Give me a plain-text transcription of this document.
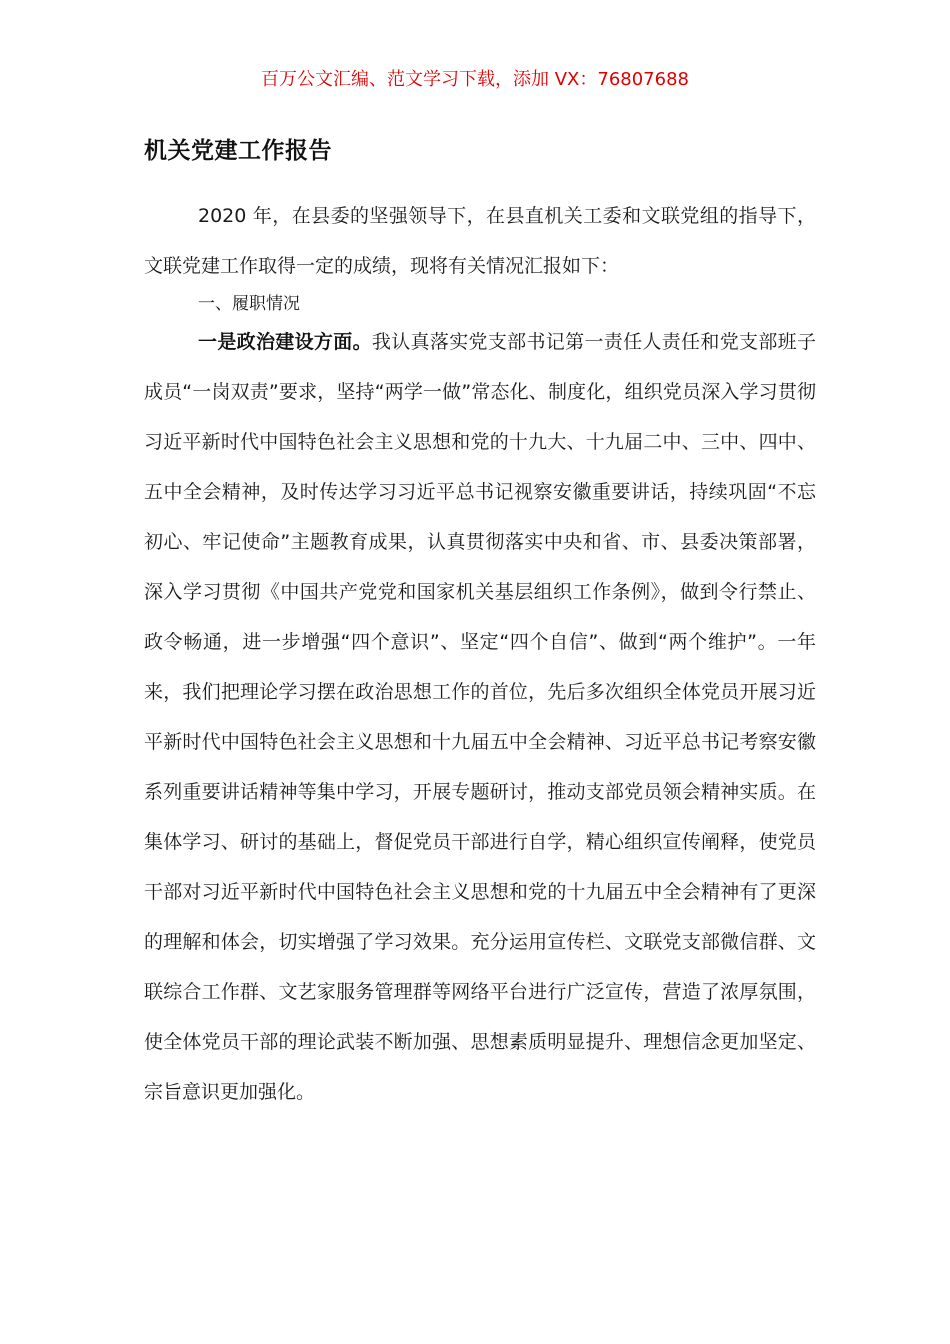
百万公文汇编、范文学习下载，添加 VX：76807688
机关党建工作报告

2020 年，在县委的坚强领导下，在县直机关工委和文联党组的指导下，文联党建工作取得一定的成绩，现将有关情况汇报如下：

一、履职情况

一是政治建设方面。我认真落实党支部书记第一责任人责任和党支部班子成员“一岗双责”要求，坚持“两学一做”常态化、制度化，组织党员深入学习贯彻习近平新时代中国特色社会主义思想和党的十九大、十九届二中、三中、四中、五中全会精神，及时传达学习习近平总书记视察安徽重要讲话，持续巩固“不忘初心、牢记使命”主题教育成果，认真贯彻落实中央和省、市、县委决策部署，深入学习贯彻《中国共产党党和国家机关基层组织工作条例》，做到令行禁止、政令畅通，进一步增强“四个意识”、坚定“四个自信”、做到“两个维护”。一年来，我们把理论学习摆在政治思想工作的首位，先后多次组织全体党员开展习近平新时代中国特色社会主义思想和十九届五中全会精神、习近平总书记考察安徽系列重要讲话精神等集中学习，开展专题研讨，推动支部党员领会精神实质。在集体学习、研讨的基础上，督促党员干部进行自学，精心组织宣传阐释，使党员干部对习近平新时代中国特色社会主义思想和党的十九届五中全会精神有了更深的理解和体会，切实增强了学习效果。充分运用宣传栏、文联党支部微信群、文联综合工作群、文艺家服务管理群等网络平台进行广泛宣传，营造了浓厚氛围，使全体党员干部的理论武装不断加强、思想素质明显提升、理想信念更加坚定、宗旨意识更加强化。
